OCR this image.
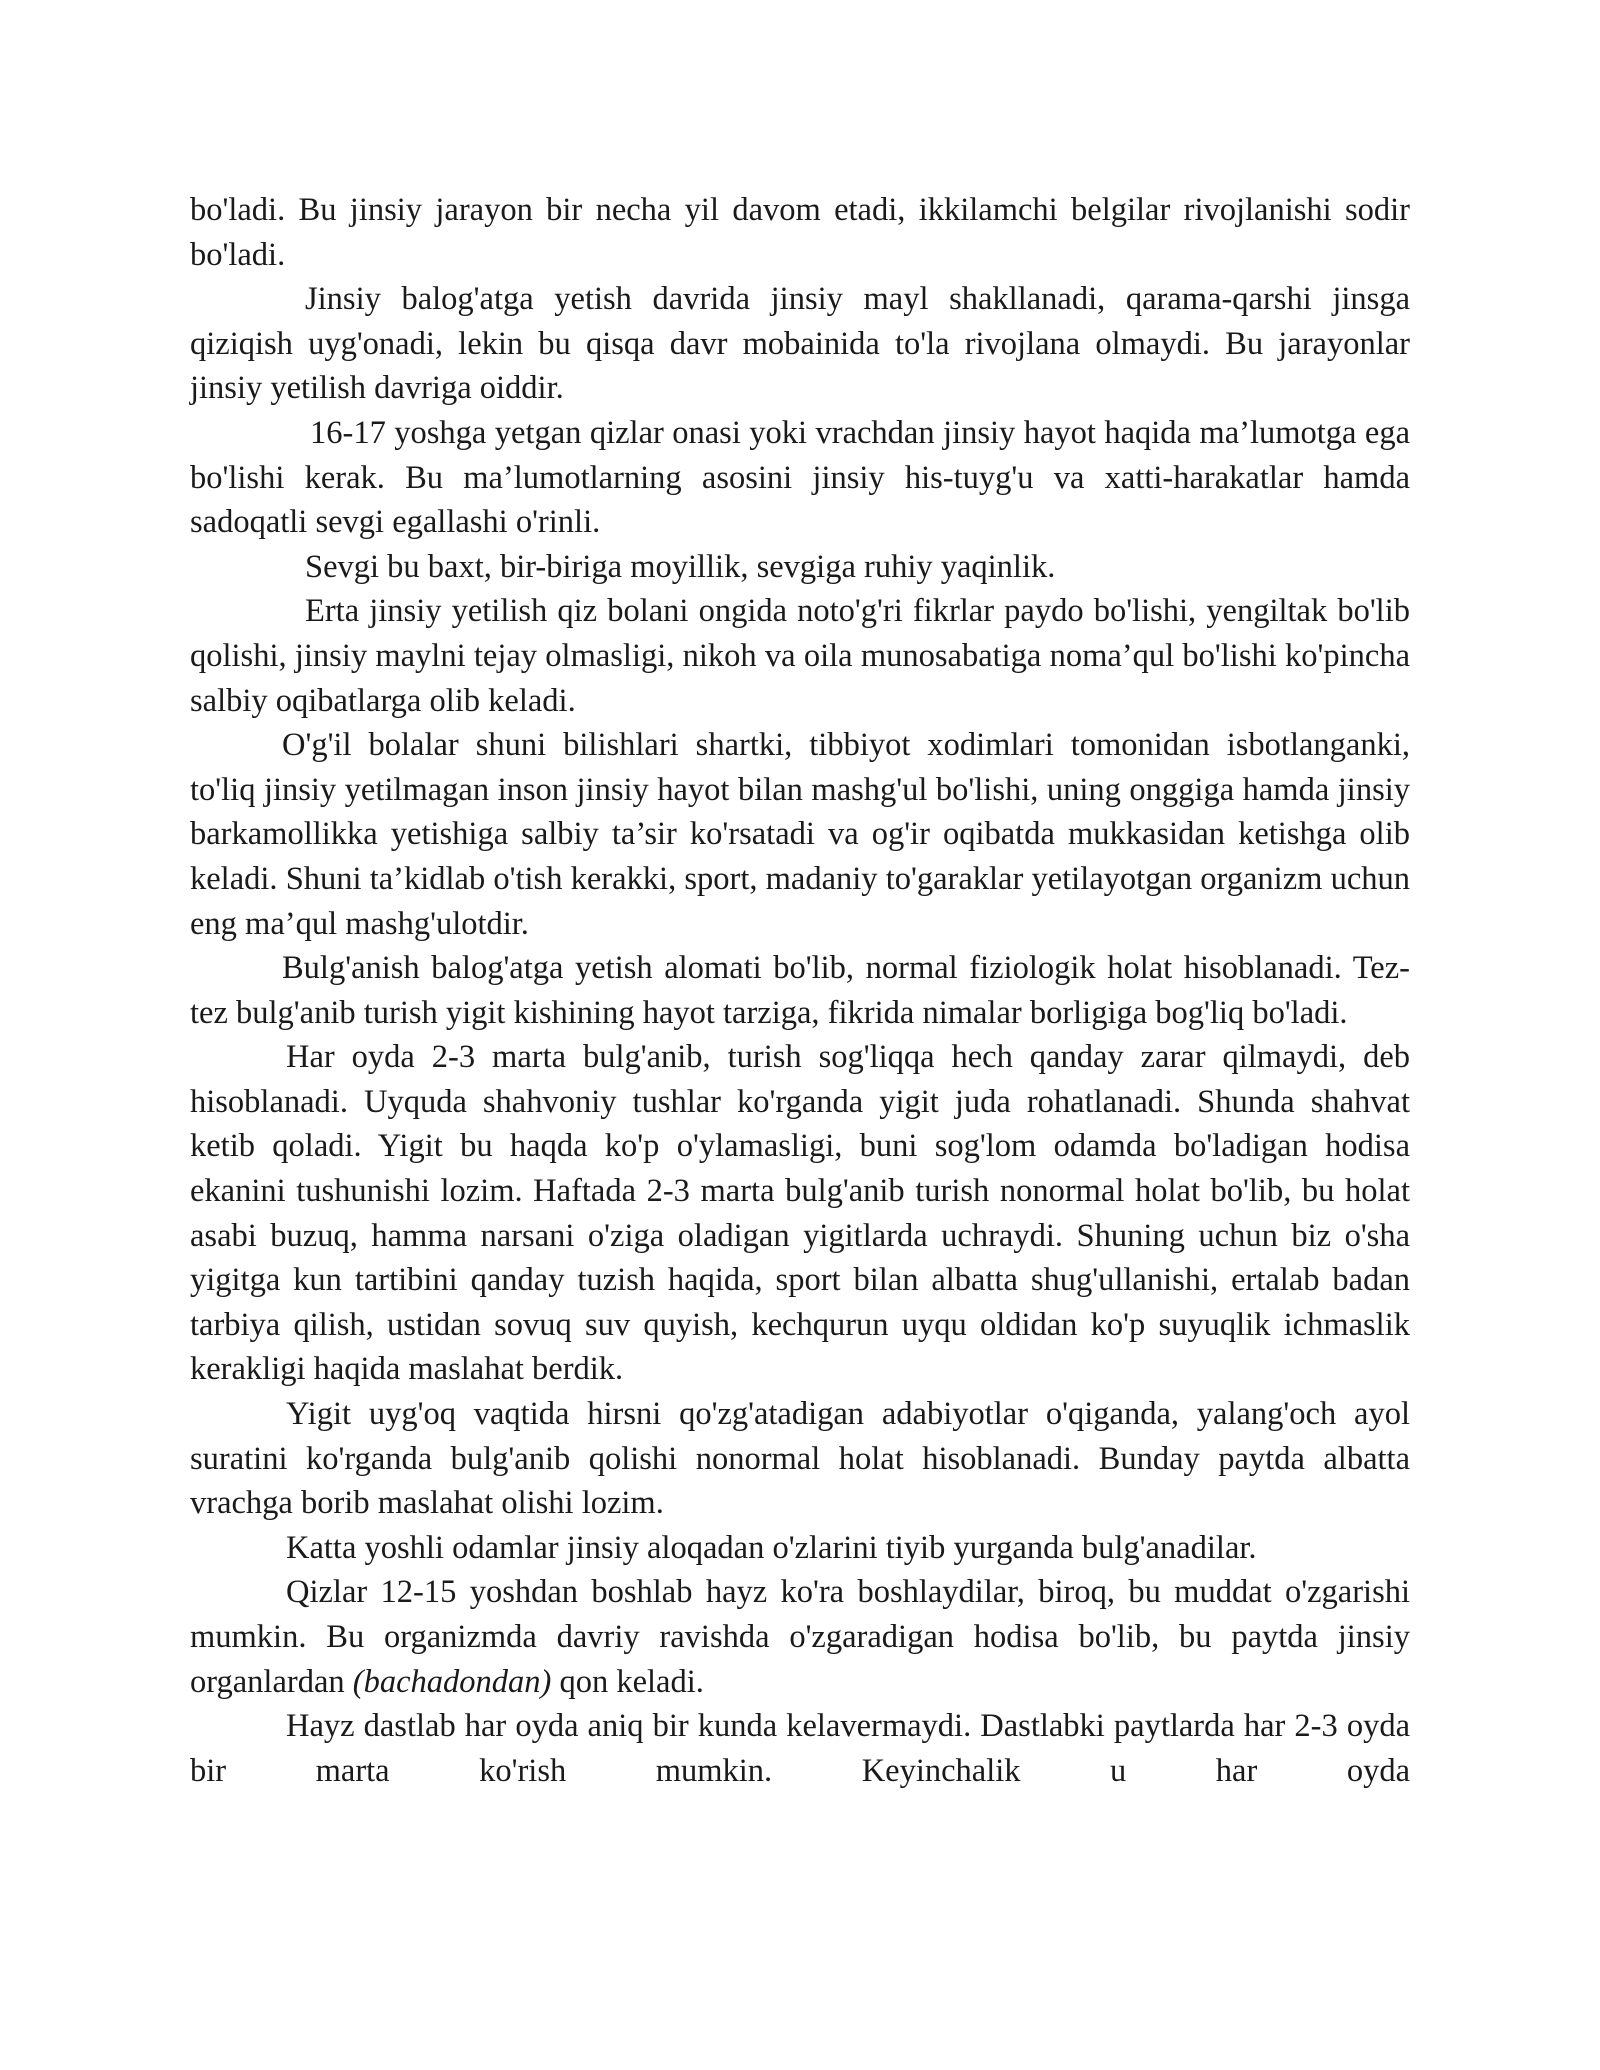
bo'ladi. Bu jinsiy jarayon bir necha yil davom etadi, ikkilamchi belgilar rivojlanishi sodir bo'ladi.

Jinsiy balog'atga yetish davrida jinsiy mayl shakllanadi, qarama-qarshi jinsga qiziqish uyg'onadi, lekin bu qisqa davr mobainida to'la rivojlana olmaydi. Bu jarayonlar jinsiy yetilish davriga oiddir.

16-17 yoshga yetgan qizlar onasi yoki vrachdan jinsiy hayot haqida ma’lumotga ega bo'lishi kerak. Bu ma’lumotlarning asosini jinsiy his-tuyg'u va xatti-harakatlar hamda sadoqatli sevgi egallashi o'rinli.

Sevgi bu baxt, bir-biriga moyillik, sevgiga ruhiy yaqinlik.

Erta jinsiy yetilish qiz bolani ongida noto'g'ri fikrlar paydo bo'lishi, yengiltak bo'lib qolishi, jinsiy maylni tejay olmasligi, nikoh va oila munosabatiga noma’qul bo'lishi ko'pincha salbiy oqibatlarga olib keladi.

O'g'il bolalar shuni bilishlari shartki, tibbiyot xodimlari tomonidan isbotlanganki, to'liq jinsiy yetilmagan inson jinsiy hayot bilan mashg'ul bo'lishi, uning onggiga hamda jinsiy barkamollikka yetishiga salbiy ta’sir ko'rsatadi va og'ir oqibatda mukkasidan ketishga olib keladi. Shuni ta’kidlab o'tish kerakki, sport, madaniy to'garaklar yetilayotgan organizm uchun eng ma’qul mashg'ulotdir.

Bulg'anish balog'atga yetish alomati bo'lib, normal fiziologik holat hisoblanadi. Tez-tez bulg'anib turish yigit kishining hayot tarziga, fikrida nimalar borligiga bog'liq bo'ladi.

Har oyda 2-3 marta bulg'anib, turish sog'liqqa hech qanday zarar qilmaydi, deb hisoblanadi. Uyquda shahvoniy tushlar ko'rganda yigit juda rohatlanadi. Shunda shahvat ketib qoladi. Yigit bu haqda ko'p o'ylamasligi, buni sog'lom odamda bo'ladigan hodisa ekanini tushunishi lozim. Haftada 2-3 marta bulg'anib turish nonormal holat bo'lib, bu holat asabi buzuq, hamma narsani o'ziga oladigan yigitlarda uchraydi. Shuning uchun biz o'sha yigitga kun tartibini qanday tuzish haqida, sport bilan albatta shug'ullanishi, ertalab badan tarbiya qilish, ustidan sovuq suv quyish, kechqurun uyqu oldidan ko'p suyuqlik ichmaslik kerakligi haqida maslahat berdik.

Yigit uyg'oq vaqtida hirsni qo'zg'atadigan adabiyotlar o'qiganda, yalang'och ayol suratini ko'rganda bulg'anib qolishi nonormal holat hisoblanadi. Bunday paytda albatta vrachga borib maslahat olishi lozim.

Katta yoshli odamlar jinsiy aloqadan o'zlarini tiyib yurganda bulg'anadilar.

Qizlar 12-15 yoshdan boshlab hayz ko'ra boshlaydilar, biroq, bu muddat o'zgarishi mumkin. Bu organizmda davriy ravishda o'zgaradigan hodisa bo'lib, bu paytda jinsiy organlardan (bachadondan) qon keladi.

Hayz dastlab har oyda aniq bir kunda kelavermaydi. Dastlabki paytlarda har 2-3 oyda bir marta ko'rish mumkin. Keyinchalik u har oyda
